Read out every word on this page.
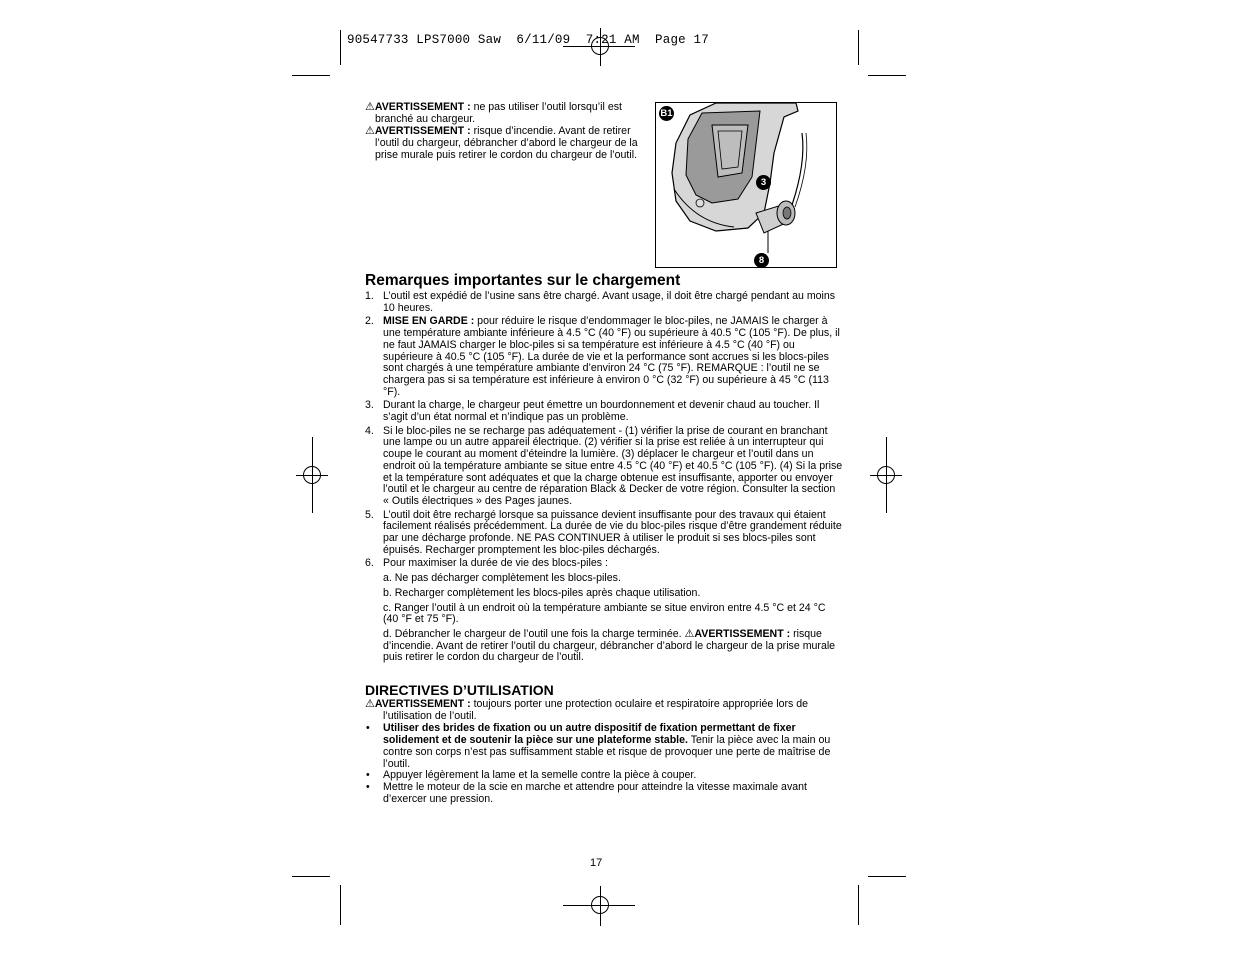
90547733 LPS7000 Saw  6/11/09  7:21 AM  Page 17

⚠AVERTISSEMENT : ne pas utiliser l’outil lorsqu’il est branché au chargeur.

⚠AVERTISSEMENT : risque d’incendie. Avant de retirer l’outil du chargeur, débrancher d’abord le chargeur de la prise murale puis retirer le cordon du chargeur de l’outil.

B1
3
8
Remarques importantes sur le chargement
1. L’outil est expédié de l’usine sans être chargé. Avant usage, il doit être chargé pendant au moins 10 heures.
2. MISE EN GARDE : pour réduire le risque d’endommager le bloc-piles, ne JAMAIS le charger à une température ambiante inférieure à 4.5 °C (40 °F) ou supérieure à 40.5 °C (105 °F). De plus, il ne faut JAMAIS charger le bloc-piles si sa température est inférieure à 4.5 °C (40 °F) ou supérieure à 40.5 °C (105 °F). La durée de vie et la performance sont accrues si les blocs-piles sont chargés à une température ambiante d’environ 24 °C (75 °F). REMARQUE : l’outil ne se chargera pas si sa température est inférieure à environ 0 °C (32 °F) ou supérieure à 45 °C (113 °F).
3. Durant la charge, le chargeur peut émettre un bourdonnement et devenir chaud au toucher. Il s’agit d’un état normal et n’indique pas un problème.
4. Si le bloc-piles ne se recharge pas adéquatement - (1) vérifier la prise de courant en branchant une lampe ou un autre appareil électrique. (2) vérifier si la prise est reliée à un interrupteur qui coupe le courant au moment d’éteindre la lumière. (3) déplacer le chargeur et l’outil dans un endroit où la température ambiante se situe entre 4.5 °C (40 °F) et 40.5 °C (105 °F). (4) Si la prise et la température sont adéquates et que la charge obtenue est insuffisante, apporter ou envoyer l’outil et le chargeur au centre de réparation Black & Decker de votre région. Consulter la section « Outils électriques » des Pages jaunes.
5. L’outil doit être rechargé lorsque sa puissance devient insuffisante pour des travaux qui étaient facilement réalisés précédemment. La durée de vie du bloc-piles risque d’être grandement réduite par une décharge profonde. NE PAS CONTINUER à utiliser le produit si ses blocs-piles sont épuisés. Recharger promptement les bloc-piles déchargés.
6. Pour maximiser la durée de vie des blocs-piles :
a. Ne pas décharger complètement les blocs-piles.
b. Recharger complètement les blocs-piles après chaque utilisation.
c. Ranger l’outil à un endroit où la température ambiante se situe environ entre 4.5 °C et 24 °C (40 °F et 75 °F).
d. Débrancher le chargeur de l’outil une fois la charge terminée. ⚠AVERTISSEMENT : risque d’incendie. Avant de retirer l’outil du chargeur, débrancher d’abord le chargeur de la prise murale puis retirer le cordon du chargeur de l’outil.
DIRECTIVES D’UTILISATION

⚠AVERTISSEMENT : toujours porter une protection oculaire et respiratoire appropriée lors de l’utilisation de l’outil.

• Utiliser des brides de fixation ou un autre dispositif de fixation permettant de fixer solidement et de soutenir la pièce sur une plateforme stable. Tenir la pièce avec la main ou contre son corps n’est pas suffisamment stable et risque de provoquer une perte de maîtrise de l’outil.
• Appuyer légèrement la lame et la semelle contre la pièce à couper.
• Mettre le moteur de la scie en marche et attendre pour atteindre la vitesse maximale avant d’exercer une pression.
17
